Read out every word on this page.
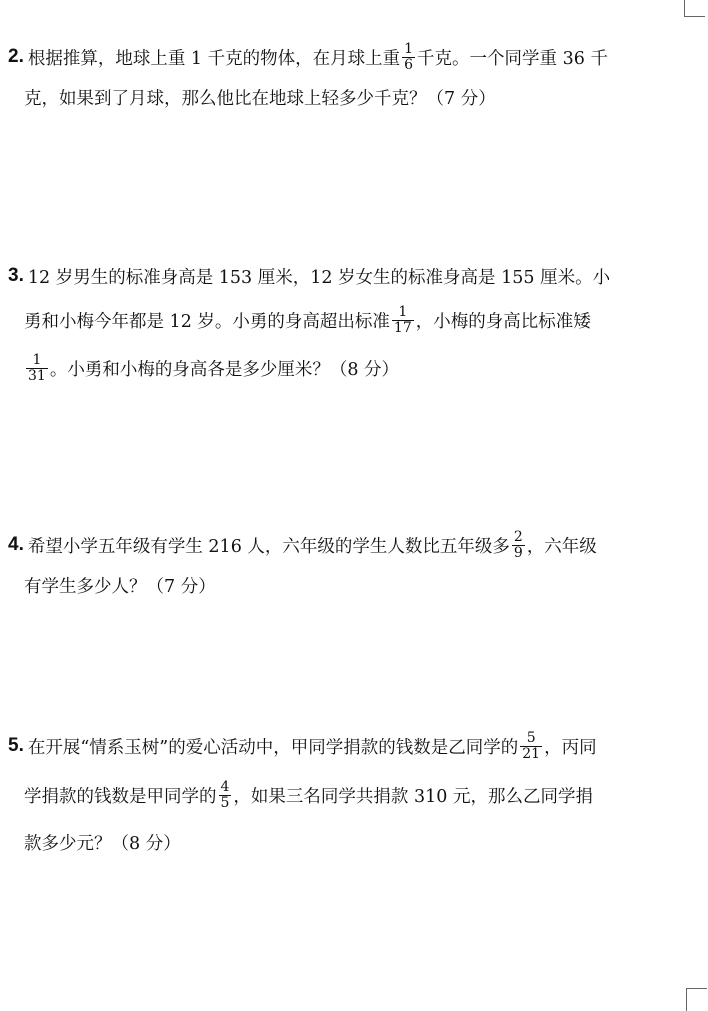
2. 根据推算，地球上重 1 千克的物体，在月球上重 $\frac{1}{6}$ 千克。一个同学重 36 千
克，如果到了月球，那么他比在地球上轻多少千克？（7 分）
3. 12 岁男生的标准身高是 153 厘米，12 岁女生的标准身高是 155 厘米。小
勇和小梅今年都是 12 岁。小勇的身高超出标准 $\frac{1}{17}$ ，小梅的身高比标准矮
$\frac{1}{31}$ 。小勇和小梅的身高各是多少厘米？（8 分）
4. 希望小学五年级有学生 216 人，六年级的学生人数比五年级多 $\frac{2}{9}$ ，六年级
有学生多少人？（7 分）
5. 在开展“情系玉树”的爱心活动中，甲同学捐款的钱数是乙同学的 $\frac{5}{21}$ ，丙同
学捐款的钱数是甲同学的 $\frac{4}{5}$ ，如果三名同学共捐款 310 元，那么乙同学捐
款多少元？（8 分）
